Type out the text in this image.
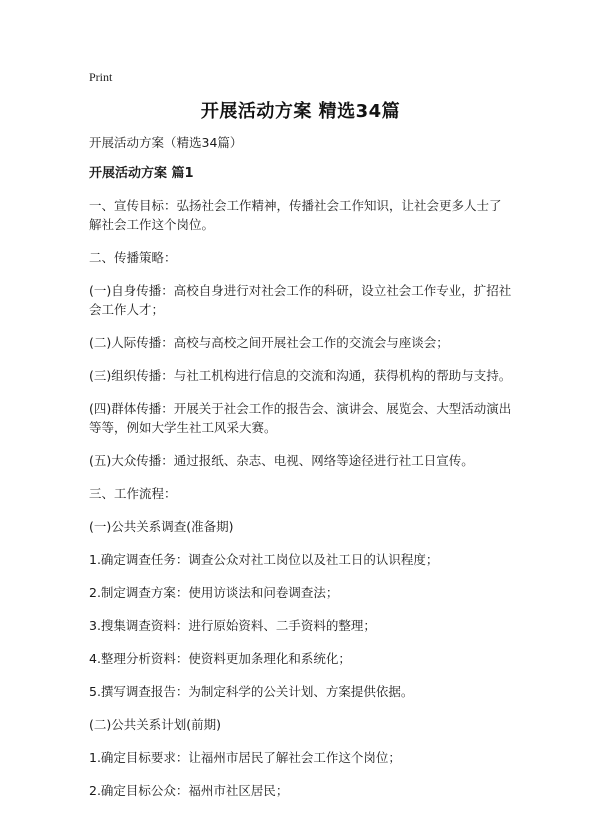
Print
开展活动方案 精选34篇

开展活动方案（精选34篇）

开展活动方案 篇1

一、宣传目标：弘扬社会工作精神，传播社会工作知识，让社会更多人士了解社会工作这个岗位。

二、传播策略：

(一)自身传播：高校自身进行对社会工作的科研，设立社会工作专业，扩招社会工作人才；

(二)人际传播：高校与高校之间开展社会工作的交流会与座谈会；

(三)组织传播：与社工机构进行信息的交流和沟通，获得机构的帮助与支持。

(四)群体传播：开展关于社会工作的报告会、演讲会、展览会、大型活动演出等等，例如大学生社工风采大赛。

(五)大众传播：通过报纸、杂志、电视、网络等途径进行社工日宣传。

三、工作流程：

(一)公共关系调查(准备期)

1.确定调查任务：调查公众对社工岗位以及社工日的认识程度；

2.制定调查方案：使用访谈法和问卷调查法；

3.搜集调查资料：进行原始资料、二手资料的整理；

4.整理分析资料：使资料更加条理化和系统化；

5.撰写调查报告：为制定科学的公关计划、方案提供依据。

(二)公共关系计划(前期)

1.确定目标要求：让福州市居民了解社会工作这个岗位；

2.确定目标公众：福州市社区居民；
